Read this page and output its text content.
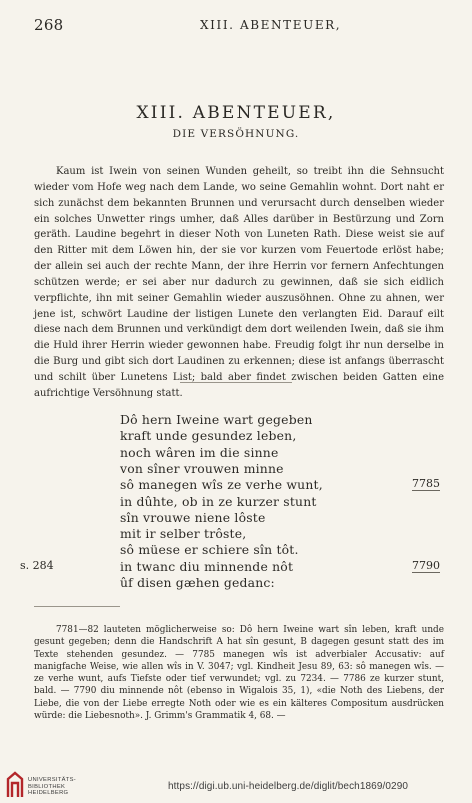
268	XIII. ABENTEUER,
XIII. ABENTEUER,
DIE VERSÖHNUNG.

Kaum ist Iwein von seinen Wunden geheilt, so treibt ihn die Sehnsucht wieder vom Hofe weg nach dem Lande, wo seine Gemahlin wohnt. Dort naht er sich zunächst dem bekannten Brunnen und verursacht durch denselben wieder ein solches Unwetter rings umher, daß Alles darüber in Bestürzung und Zorn geräth. Laudine begehrt in dieser Noth von Luneten Rath. Diese weist sie auf den Ritter mit dem Löwen hin, der sie vor kurzen vom Feuertode erlöst habe; der allein sei auch der rechte Mann, der ihre Herrin vor fernern Anfechtungen schützen werde; er sei aber nur dadurch zu gewinnen, daß sie sich eidlich verpflichte, ihn mit seiner Gemahlin wieder auszusöhnen. Ohne zu ahnen, wer jene ist, schwört Laudine der listigen Lunete den verlangten Eid. Darauf eilt diese nach dem Brunnen und verkündigt dem dort weilenden Iwein, daß sie ihm die Huld ihrer Herrin wieder gewonnen habe. Freudig folgt ihr nun derselbe in die Burg und gibt sich dort Laudinen zu erkennen; diese ist anfangs überrascht und schilt über Lunetens List; bald aber findet zwischen beiden Gatten eine aufrichtige Versöhnung statt.

Dô hern Iweine wart gegeben
kraft unde gesundez leben,
noch wâren im die sinne
von sîner vrouwen minne
sô manegen wîs ze verhe wunt,
in dûhte, ob in ze kurzer stunt
sîn vrouwe niene lôste
mit ir selber trôste,
sô müese er schiere sîn tôt.
in twanc diu minnende nôt
ûf disen gæhen gedanc:
7785
7790
s. 284

7781—82 lauteten möglicherweise so: Dô hern Iweine wart sîn leben, kraft unde gesunt gegeben; denn die Handschrift A hat sîn gesunt, B dagegen gesunt statt des im Texte stehenden gesundez. — 7785 manegen wîs ist adverbialer Accusativ: auf manigfache Weise, wie allen wîs in V. 3047; vgl. Kindheit Jesu 89, 63: sô manegen wîs. — ze verhe wunt, aufs Tiefste oder tief verwundet; vgl. zu 7234. — 7786 ze kurzer stunt, bald. — 7790 diu minnende nôt (ebenso in Wigalois 35, 1), «die Noth des Liebens, der Liebe, die von der Liebe erregte Noth oder wie es ein kälteres Compositum ausdrücken würde: die Liebesnoth». J. Grimm's Grammatik 4, 68. —

UNIVERSITÄTS-
BIBLIOTHEK
HEIDELBERG
https://digi.ub.uni-heidelberg.de/diglit/bech1869/0290
